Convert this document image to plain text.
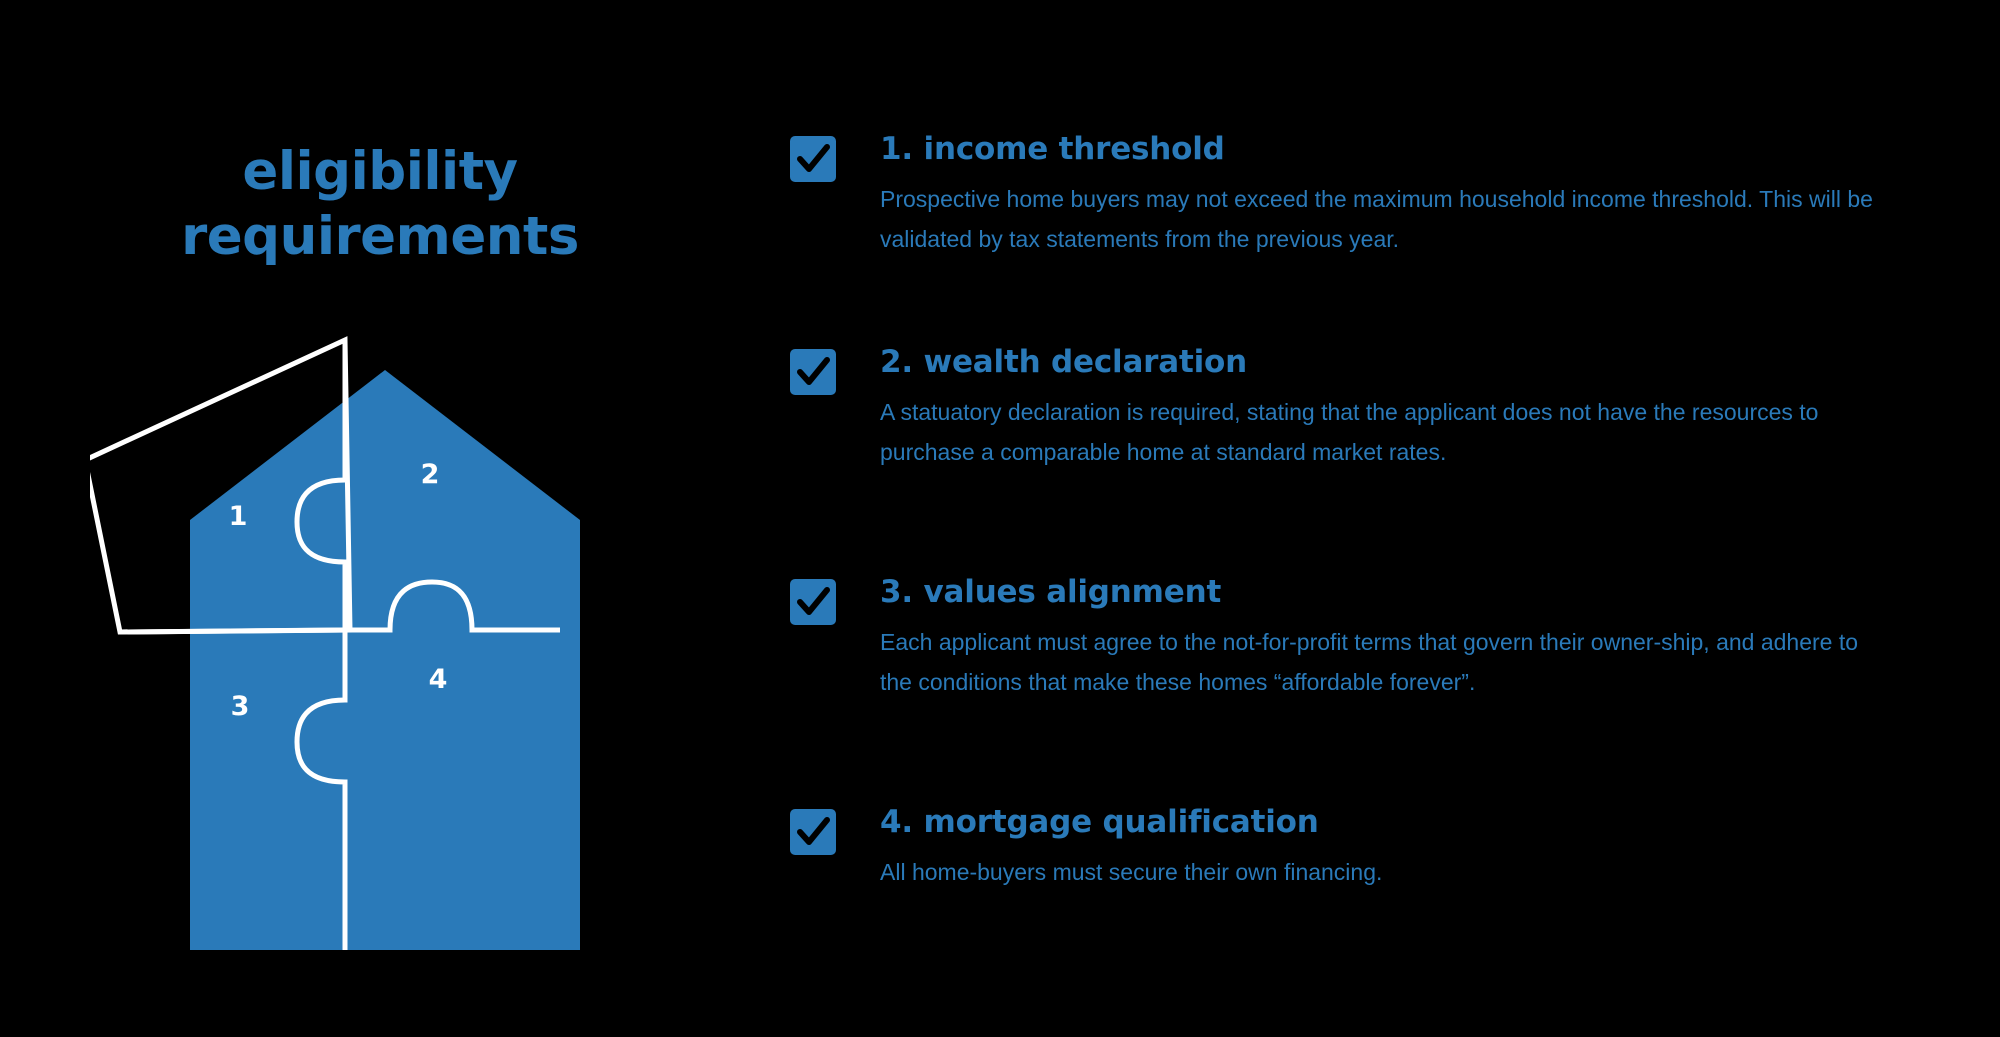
eligibility
requirements
1
2
3
4
1. income threshold

Prospective home buyers may not exceed the maximum household income threshold. This will be validated by tax statements from the previous year.

2. wealth declaration

A statuatory declaration is required, stating that the applicant does not have the resources to purchase a comparable home at standard market rates.

3. values alignment

Each applicant must agree to the not-for-profit terms that govern their owner-ship, and adhere to the conditions that make these homes “affordable forever”.

4. mortgage qualification

All home-buyers must secure their own financing.
